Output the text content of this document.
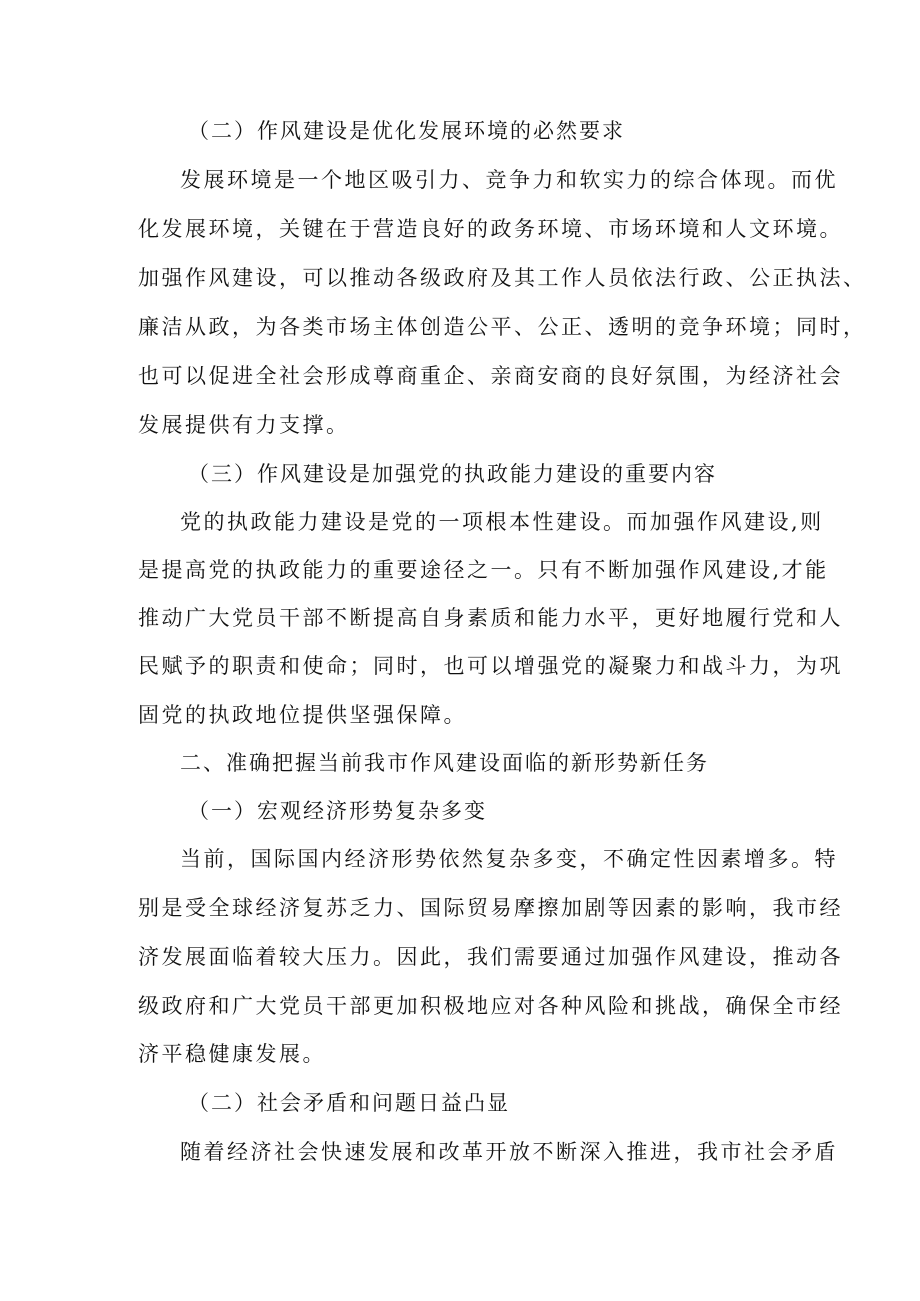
（二）作风建设是优化发展环境的必然要求
发展环境是一个地区吸引力、竞争力和软实力的综合体现。而优
化发展环境，关键在于营造良好的政务环境、市场环境和人文环境。
加强作风建设，可以推动各级政府及其工作人员依法行政、公正执法、
廉洁从政，为各类市场主体创造公平、公正、透明的竞争环境；同时，
也可以促进全社会形成尊商重企、亲商安商的良好氛围，为经济社会
发展提供有力支撑。
（三）作风建设是加强党的执政能力建设的重要内容
党的执政能力建设是党的一项根本性建设。而加强作风建设,则
是提高党的执政能力的重要途径之一。只有不断加强作风建设,才能
推动广大党员干部不断提高自身素质和能力水平，更好地履行党和人
民赋予的职责和使命；同时，也可以增强党的凝聚力和战斗力，为巩
固党的执政地位提供坚强保障。
二、准确把握当前我市作风建设面临的新形势新任务
（一）宏观经济形势复杂多变
当前，国际国内经济形势依然复杂多变，不确定性因素增多。特
别是受全球经济复苏乏力、国际贸易摩擦加剧等因素的影响，我市经
济发展面临着较大压力。因此，我们需要通过加强作风建设，推动各
级政府和广大党员干部更加积极地应对各种风险和挑战，确保全市经
济平稳健康发展。
（二）社会矛盾和问题日益凸显
随着经济社会快速发展和改革开放不断深入推进，我市社会矛盾
